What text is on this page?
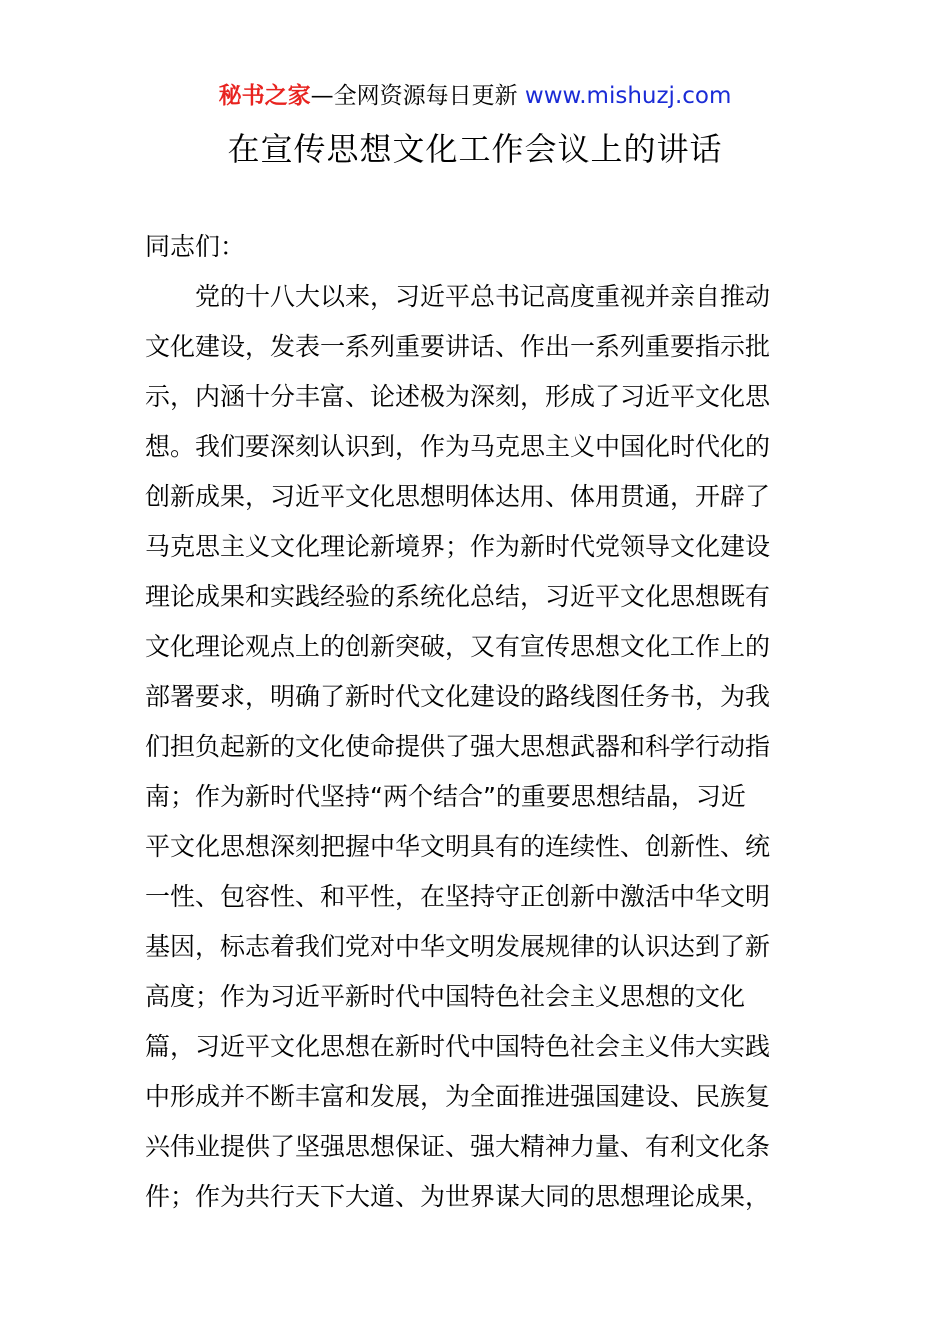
秘书之家—全网资源每日更新 www.mishuzj.com
在宣传思想文化工作会议上的讲话

同志们：

党的十八大以来，习近平总书记高度重视并亲自推动

文化建设，发表一系列重要讲话、作出一系列重要指示批

示，内涵十分丰富、论述极为深刻，形成了习近平文化思

想。我们要深刻认识到，作为马克思主义中国化时代化的

创新成果，习近平文化思想明体达用、体用贯通，开辟了

马克思主义文化理论新境界；作为新时代党领导文化建设

理论成果和实践经验的系统化总结，习近平文化思想既有

文化理论观点上的创新突破，又有宣传思想文化工作上的

部署要求，明确了新时代文化建设的路线图任务书，为我

们担负起新的文化使命提供了强大思想武器和科学行动指

南；作为新时代坚持“两个结合”的重要思想结晶，习近

平文化思想深刻把握中华文明具有的连续性、创新性、统

一性、包容性、和平性，在坚持守正创新中激活中华文明

基因，标志着我们党对中华文明发展规律的认识达到了新

高度；作为习近平新时代中国特色社会主义思想的文化

篇，习近平文化思想在新时代中国特色社会主义伟大实践

中形成并不断丰富和发展，为全面推进强国建设、民族复

兴伟业提供了坚强思想保证、强大精神力量、有利文化条

件；作为共行天下大道、为世界谋大同的思想理论成果，
